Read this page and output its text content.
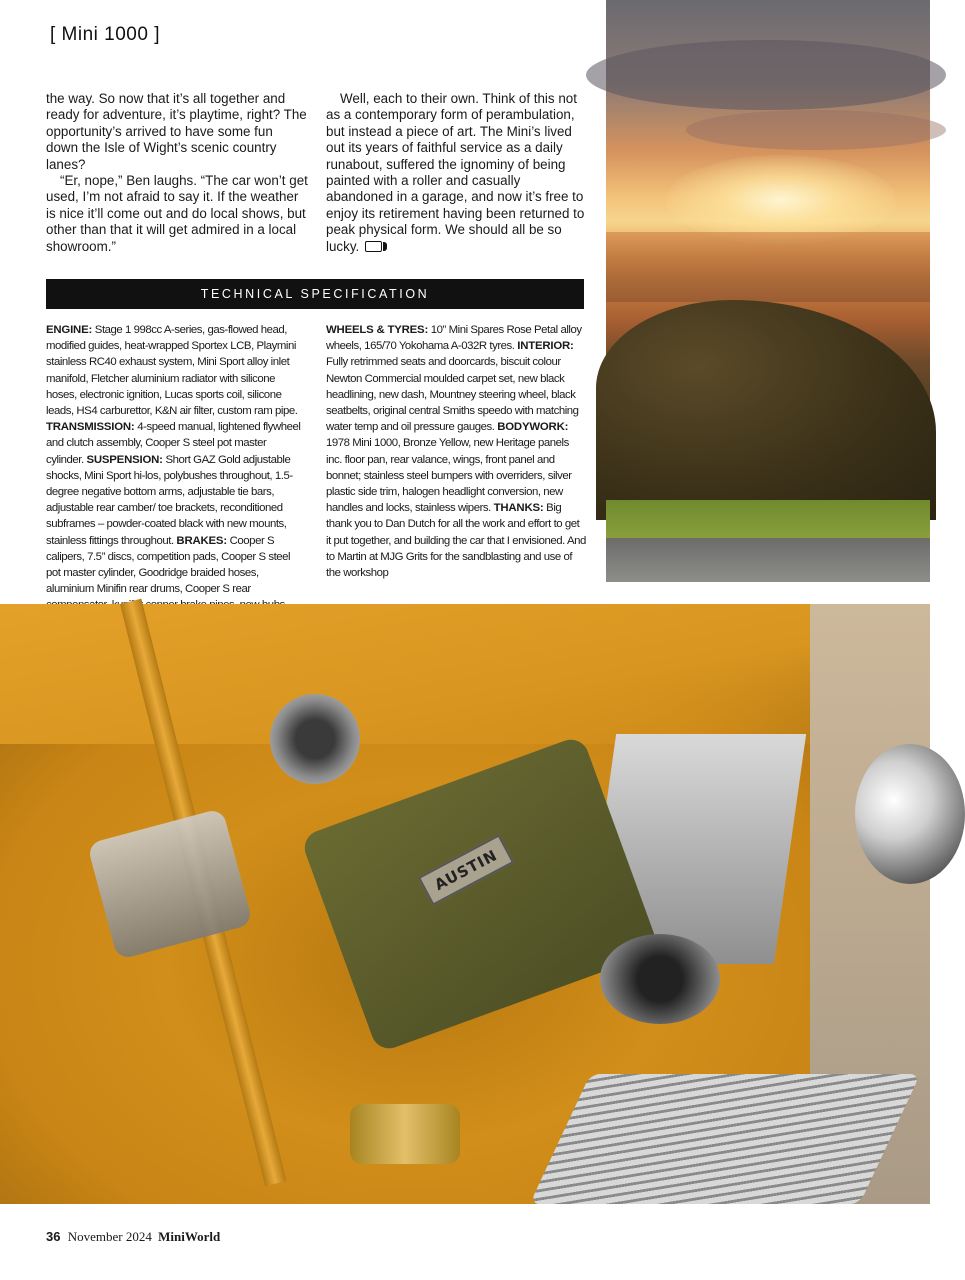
[ Mini 1000 ]

the way. So now that it’s all together and ready for adventure, it’s playtime, right? The opportunity’s arrived to have some fun down the Isle of Wight’s scenic country lanes?

“Er, nope,” Ben laughs. “The car won’t get used, I’m not afraid to say it. If the weather is nice it’ll come out and do local shows, but other than that it will get admired in a local showroom.”

Well, each to their own. Think of this not as a contemporary form of perambulation, but instead a piece of art. The Mini’s lived out its years of faithful service as a daily runabout, suffered the ignominy of being painted with a roller and casually abandoned in a garage, and now it’s free to enjoy its retirement having been returned to peak physical form. We should all be so lucky.

TECHNICAL SPECIFICATION
ENGINE: Stage 1 998cc A-series, gas-flowed head, modified guides, heat-wrapped Sportex LCB, Playmini stainless RC40 exhaust system, Mini Sport alloy inlet manifold, Fletcher aluminium radiator with silicone hoses, electronic ignition, Lucas sports coil, silicone leads, HS4 carburettor, K&N air filter, custom ram pipe. TRANSMISSION: 4-speed manual, lightened flywheel and clutch assembly, Cooper S steel pot master cylinder. SUSPENSION: Short GAZ Gold adjustable shocks, Mini Sport hi-los, polybushes throughout, 1.5-degree negative bottom arms, adjustable tie bars, adjustable rear camber/ toe brackets, reconditioned subframes – powder-coated black with new mounts, stainless fittings throughout. BRAKES: Cooper S calipers, 7.5” discs, competition pads, Cooper S steel pot master cylinder, Goodridge braided hoses, aluminium Minifin rear drums, Cooper S rear
WHEELS & TYRES: 10” Mini Spares Rose Petal alloy wheels, 165/70 Yokohama A-032R tyres. INTERIOR: Fully retrimmed seats and doorcards, biscuit colour Newton Commercial moulded carpet set, new black headlining, new dash, Mountney steering wheel, black seatbelts, original central Smiths speedo with matching water temp and oil pressure gauges. BODYWORK: 1978 Mini 1000, Bronze Yellow, new Heritage panels inc. floor pan, rear valance, wings, front panel and bonnet; stainless steel bumpers with overriders, silver plastic side trim, halogen headlight conversion, new handles and locks, stainless wipers. THANKS: Big thank you to Dan Dutch for all the work and effort to get it put together, and building the car that I envisioned. And to Martin at MJG Grits for the sandblasting and use of the workshop
AUSTIN
36 November 2024 MiniWorld
